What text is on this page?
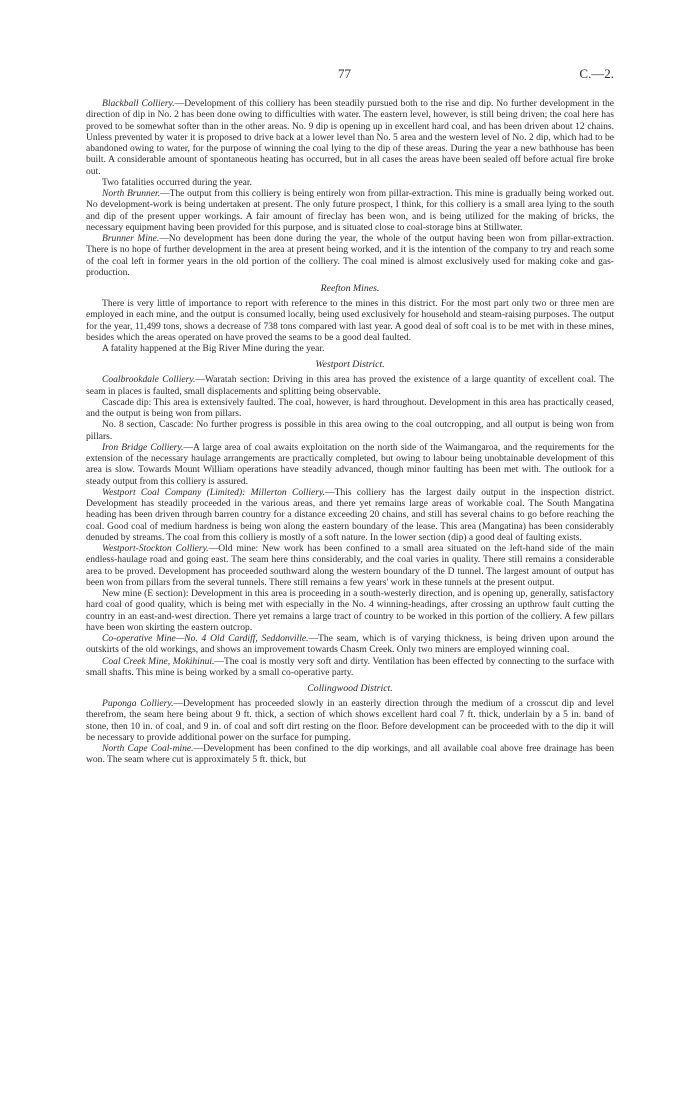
77	C.—2.

Blackball Colliery.—Development of this colliery has been steadily pursued both to the rise and dip. No further development in the direction of dip in No. 2 has been done owing to difficulties with water. The eastern level, however, is still being driven; the coal here has proved to be somewhat softer than in the other areas. No. 9 dip is opening up in excellent hard coal, and has been driven about 12 chains. Unless prevented by water it is proposed to drive back at a lower level than No. 5 area and the western level of No. 2 dip, which had to be abandoned owing to water, for the purpose of winning the coal lying to the dip of these areas. During the year a new bathhouse has been built. A considerable amount of spontaneous heating has occurred, but in all cases the areas have been sealed off before actual fire broke out.

Two fatalities occurred during the year.

North Brunner.—The output from this colliery is being entirely won from pillar-extraction. This mine is gradually being worked out. No development-work is being undertaken at present. The only future prospect, I think, for this colliery is a small area lying to the south and dip of the present upper workings. A fair amount of fireclay has been won, and is being utilized for the making of bricks, the necessary equipment having been provided for this purpose, and is situated close to coal-storage bins at Stillwater.

Brunner Mine.—No development has been done during the year, the whole of the output having been won from pillar-extraction. There is no hope of further development in the area at present being worked, and it is the intention of the company to try and reach some of the coal left in former years in the old portion of the colliery. The coal mined is almost exclusively used for making coke and gas-production.

Reefton Mines.

There is very little of importance to report with reference to the mines in this district. For the most part only two or three men are employed in each mine, and the output is consumed locally, being used exclusively for household and steam-raising purposes. The output for the year, 11,499 tons, shows a decrease of 738 tons compared with last year. A good deal of soft coal is to be met with in these mines, besides which the areas operated on have proved the seams to be a good deal faulted.

A fatality happened at the Big River Mine during the year.

Westport District.

Coalbrookdale Colliery.—Waratah section: Driving in this area has proved the existence of a large quantity of excellent coal. The seam in places is faulted, small displacements and splitting being observable.

Cascade dip: This area is extensively faulted. The coal, however, is hard throughout. Development in this area has practically ceased, and the output is being won from pillars.

No. 8 section, Cascade: No further progress is possible in this area owing to the coal outcropping, and all output is being won from pillars.

Iron Bridge Colliery.—A large area of coal awaits exploitation on the north side of the Waimangaroa, and the requirements for the extension of the necessary haulage arrangements are practically completed, but owing to labour being unobtainable development of this area is slow. Towards Mount William operations have steadily advanced, though minor faulting has been met with. The outlook for a steady output from this colliery is assured.

Westport Coal Company (Limited): Millerton Colliery.—This colliery has the largest daily output in the inspection district. Development has steadily proceeded in the various areas, and there yet remains large areas of workable coal. The South Mangatina heading has been driven through barren country for a distance exceeding 20 chains, and still has several chains to go before reaching the coal. Good coal of medium hardness is being won along the eastern boundary of the lease. This area (Mangatina) has been considerably denuded by streams. The coal from this colliery is mostly of a soft nature. In the lower section (dip) a good deal of faulting exists.

Westport-Stockton Colliery.—Old mine: New work has been confined to a small area situated on the left-hand side of the main endless-haulage road and going east. The seam here thins considerably, and the coal varies in quality. There still remains a considerable area to be proved. Development has proceeded southward along the western boundary of the D tunnel. The largest amount of output has been won from pillars from the several tunnels. There still remains a few years' work in these tunnels at the present output.

New mine (E section): Development in this area is proceeding in a south-westerly direction, and is opening up, generally, satisfactory hard coal of good quality, which is being met with especially in the No. 4 winning-headings, after crossing an upthrow fault cutting the country in an east-and-west direction. There yet remains a large tract of country to be worked in this portion of the colliery. A few pillars have been won skirting the eastern outcrop.

Co-operative Mine—No. 4 Old Cardiff, Seddonville.—The seam, which is of varying thickness, is being driven upon around the outskirts of the old workings, and shows an improvement towards Chasm Creek. Only two miners are employed winning coal.

Coal Creek Mine, Mokihinui.—The coal is mostly very soft and dirty. Ventilation has been effected by connecting to the surface with small shafts. This mine is being worked by a small co-operative party.

Collingwood District.

Puponga Colliery.—Development has proceeded slowly in an easterly direction through the medium of a crosscut dip and level therefrom, the seam here being about 9 ft. thick, a section of which shows excellent hard coal 7 ft. thick, underlain by a 5 in. band of stone, then 10 in. of coal, and 9 in. of coal and soft dirt resting on the floor. Before development can be proceeded with to the dip it will be necessary to provide additional power on the surface for pumping.

North Cape Coal-mine.—Development has been confined to the dip workings, and all available coal above free drainage has been won. The seam where cut is approximately 5 ft. thick, but
